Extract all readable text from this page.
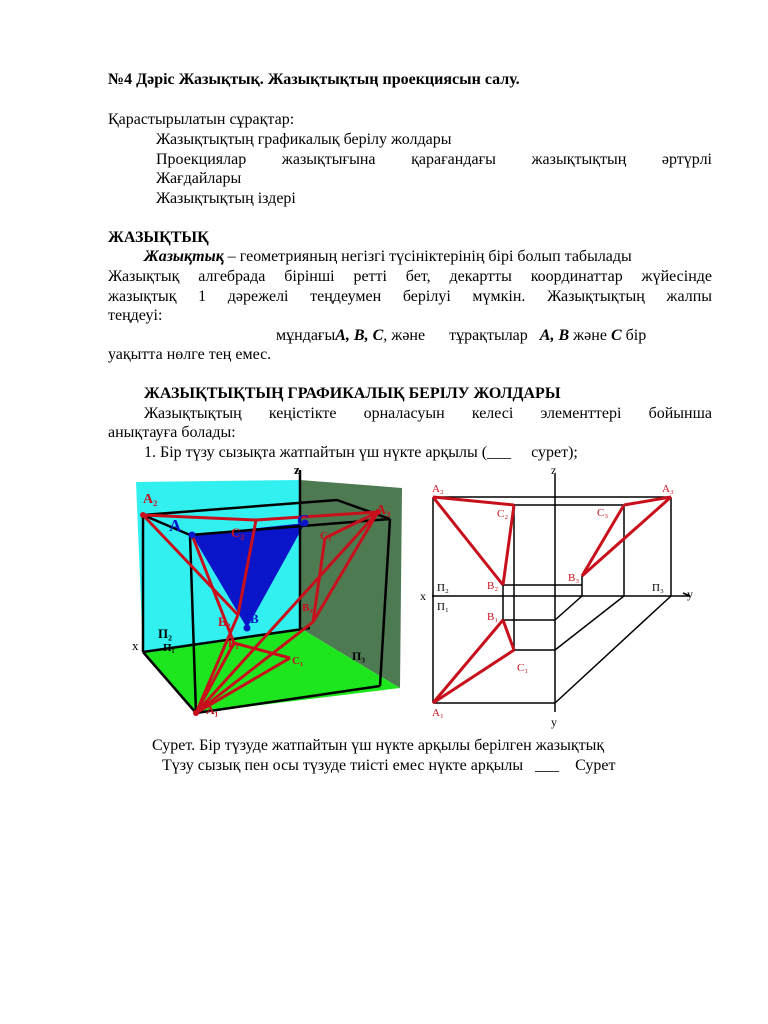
№4 Дәріс Жазықтық. Жазықтықтың проекциясын салу.
Қарастырылатын сұрақтар:
Жазықтықтың графикалық берілу жолдары
Проекциялар жазықтығына қарағандағы жазықтықтың әртүрлі
Жағдайлары
Жазықтықтың іздері
ЖАЗЫҚТЫҚ
Жазықтық – геометрияның негізгі түсініктерінің бірі болып табылады
Жазықтық алгебрада бірінші ретті бет, декартты координаттар жүйесінде
жазықтық 1 дәрежелі теңдеумен берілуі мүмкін. Жазықтықтың жалпы
теңдеуі:
мұндағыA, B, C, және      тұрақтылар   A, B және C бір
уақытта нөлге тең емес.
ЖАЗЫҚТЫҚТЫҢ ГРАФИКАЛЫҚ БЕРІЛУ ЖОЛДАРЫ
Жазықтықтың кеңістікте орналасуын келесі элементтері бойынша
анықтауға болады:
1. Бір түзу сызықта жатпайтын үш нүкте арқылы (___     сурет);
z
A₂
A₃
A	C
C₂	C₃
B₂
B₃
B
B₁
C₁
A₁
x
П₂
П₁
П₃
z
x	y
y
A₂	A₃
C₂	C₃
B₂
B₃
B₁
C₁
A₁
П₂
П₁
П₃
Сурет. Бір түзуде жатпайтын үш нүкте арқылы берілген жазықтық
Түзу сызық пен осы түзуде тиісті емес нүкте арқылы   ___    Сурет
